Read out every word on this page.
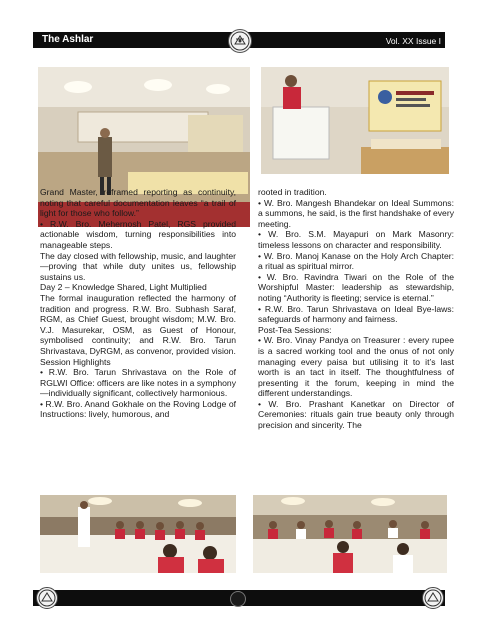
The Ashlar	Vol. XX Issue I

Grand Master, reframed reporting as continuity, noting that careful documentation leaves “a trail of light for those who follow.”

• R.W. Bro. Mehernosh Patel, RGS provided actionable wisdom, turning responsibilities into manageable steps.

The day closed with fellowship, music, and laughter—proving that while duty unites us, fellowship sustains us.

Day 2 – Knowledge Shared, Light Multiplied

The formal inauguration reflected the harmony of tradition and progress. R.W. Bro. Subhash Saraf, RGM, as Chief Guest, brought wisdom; M.W. Bro. V.J. Masurekar, OSM, as Guest of Honour, symbolised continuity; and R.W. Bro. Tarun Shrivastava, DyRGM, as convenor, provided vision.

Session Highlights

• R.W. Bro. Tarun Shrivastava on the Role of RGLWI Office: officers are like notes in a symphony—individually significant, collectively harmonious.

• R.W. Bro. Anand Gokhale on the Roving Lodge of Instructions: lively, humorous, and

rooted in tradition.

• W. Bro. Mangesh Bhandekar on Ideal Summons: a summons, he said, is the first handshake of every meeting.

• W. Bro. S.M. Mayapuri on Mark Masonry: timeless lessons on character and responsibility.

• W. Bro. Manoj Kanase on the Holy Arch Chapter: a ritual as spiritual mirror.

• W. Bro. Ravindra Tiwari on the Role of the Worshipful Master: leadership as stewardship, noting “Authority is fleeting; service is eternal.”

• R.W. Bro. Tarun Shrivastava on Ideal Bye-laws: safeguards of harmony and fairness.

Post-Tea Sessions:

• W. Bro. Vinay Pandya on Treasurer : every rupee is a sacred working tool and the onus of not only managing every paisa but utilising it to it’s last worth is an tact in itself. The thoughtfulness of presenting it the forum, keeping in mind the different understandings.

• W. Bro. Prashant Kanetkar on Director of Ceremonies: rituals gain true beauty only through precision and sincerity. The
